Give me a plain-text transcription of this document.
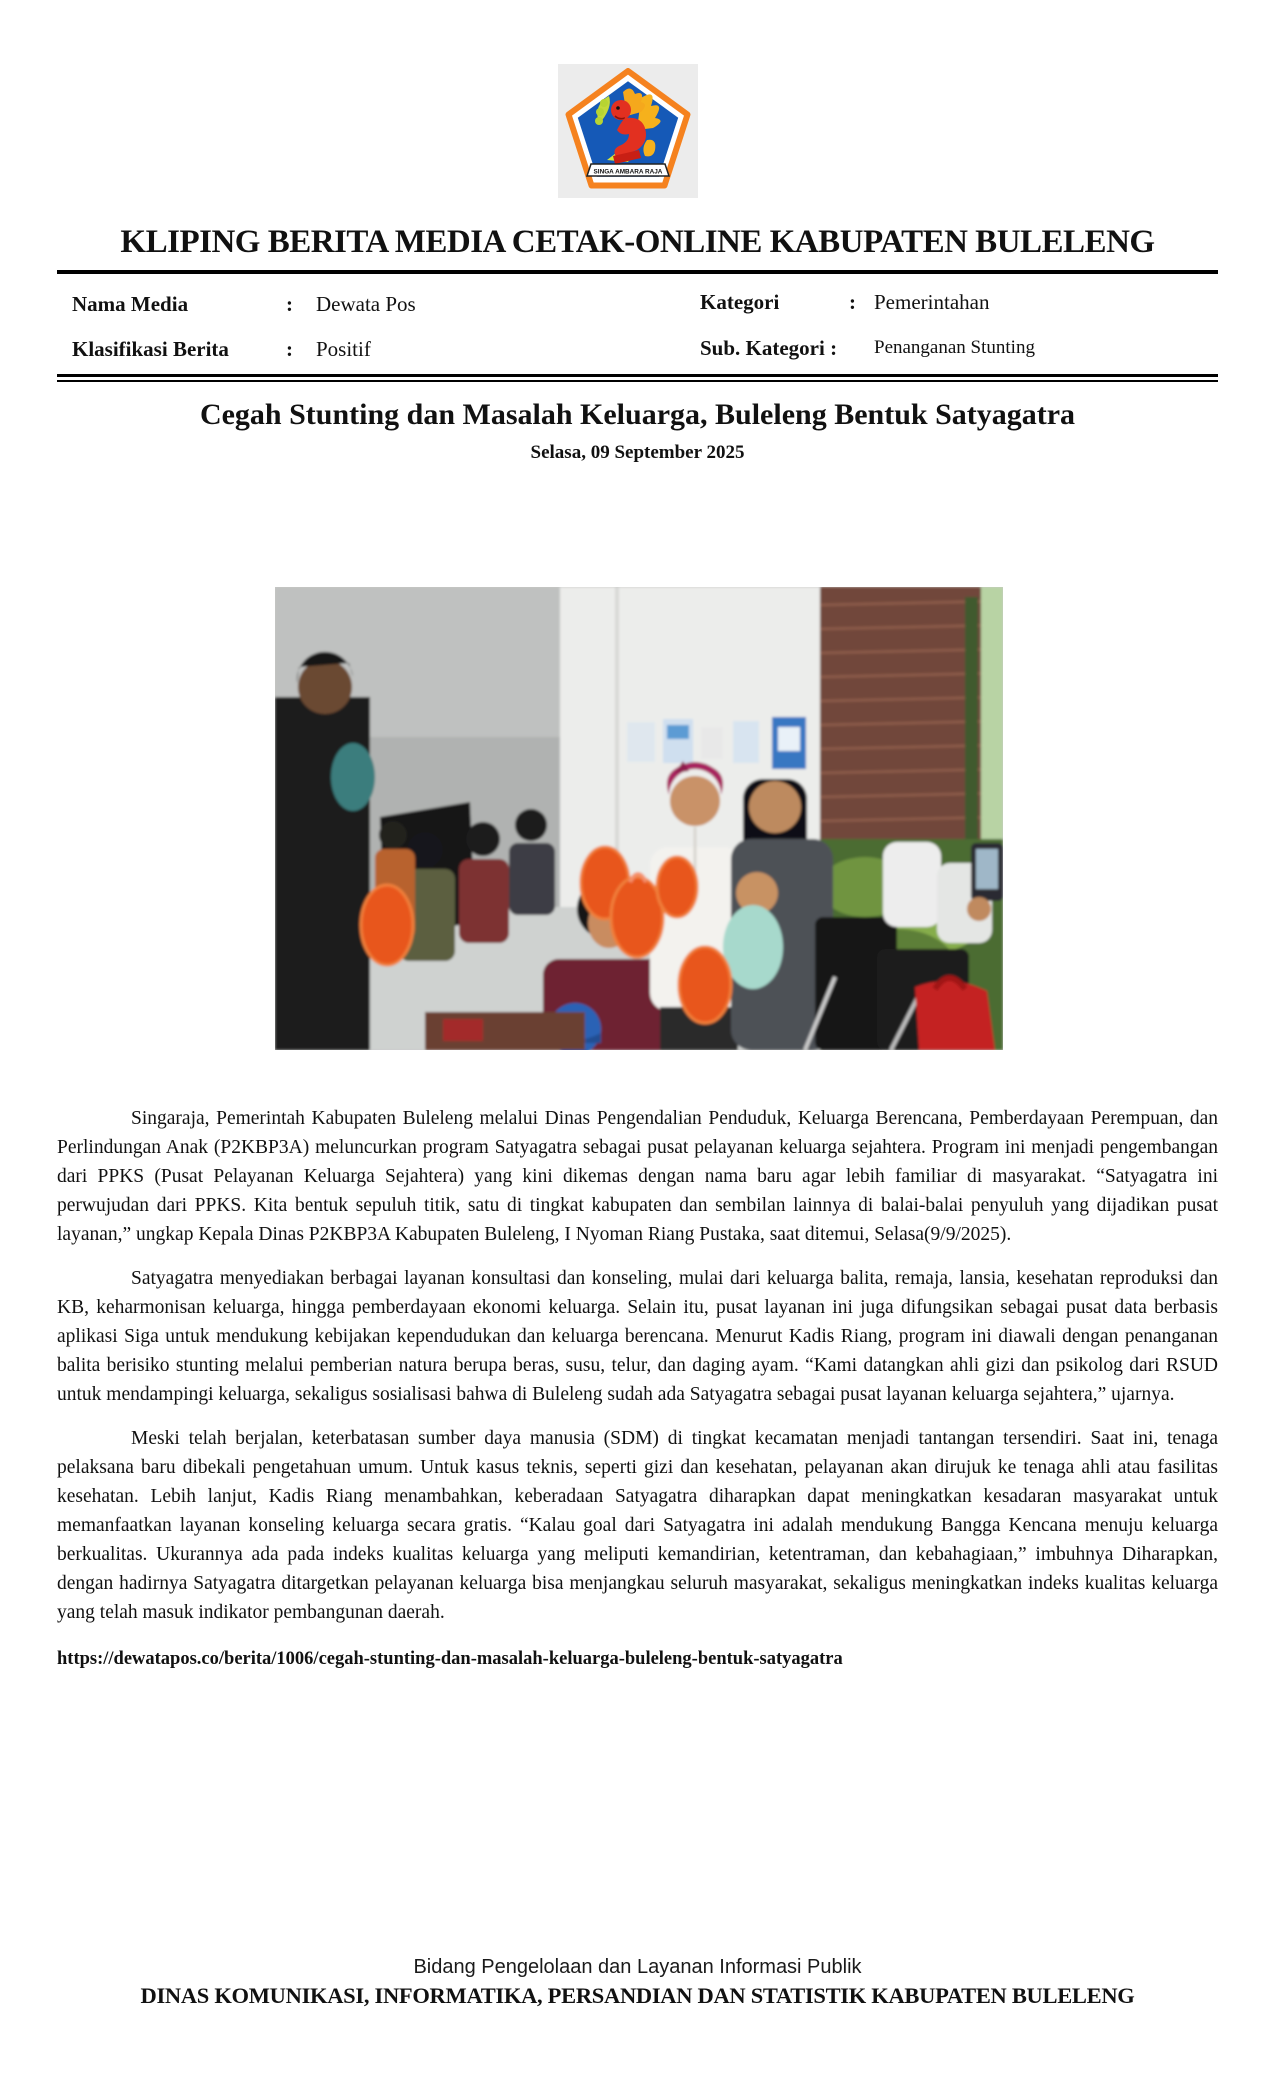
SINGA AMBARA RAJA
KLIPING BERITA MEDIA CETAK-ONLINE KABUPATEN BULELENG
Nama Media	: Dewata Pos	Kategori	: Pemerintahan
Klasifikasi Berita	: Positif	Sub. Kategori : Penanganan Stunting
Cegah Stunting dan Masalah Keluarga, Buleleng Bentuk Satyagatra
Selasa, 09 September 2025

Singaraja, Pemerintah Kabupaten Buleleng melalui Dinas Pengendalian Penduduk, Keluarga Berencana, Pemberdayaan Perempuan, dan Perlindungan Anak (P2KBP3A) meluncurkan program Satyagatra sebagai pusat pelayanan keluarga sejahtera. Program ini menjadi pengembangan dari PPKS (Pusat Pelayanan Keluarga Sejahtera) yang kini dikemas dengan nama baru agar lebih familiar di masyarakat. “Satyagatra ini perwujudan dari PPKS. Kita bentuk sepuluh titik, satu di tingkat kabupaten dan sembilan lainnya di balai-balai penyuluh yang dijadikan pusat layanan,” ungkap Kepala Dinas P2KBP3A Kabupaten Buleleng, I Nyoman Riang Pustaka, saat ditemui, Selasa(9/9/2025).

Satyagatra menyediakan berbagai layanan konsultasi dan konseling, mulai dari keluarga balita, remaja, lansia, kesehatan reproduksi dan KB, keharmonisan keluarga, hingga pemberdayaan ekonomi keluarga. Selain itu, pusat layanan ini juga difungsikan sebagai pusat data berbasis aplikasi Siga untuk mendukung kebijakan kependudukan dan keluarga berencana. Menurut Kadis Riang, program ini diawali dengan penanganan balita berisiko stunting melalui pemberian natura berupa beras, susu, telur, dan daging ayam. “Kami datangkan ahli gizi dan psikolog dari RSUD untuk mendampingi keluarga, sekaligus sosialisasi bahwa di Buleleng sudah ada Satyagatra sebagai pusat layanan keluarga sejahtera,” ujarnya.

Meski telah berjalan, keterbatasan sumber daya manusia (SDM) di tingkat kecamatan menjadi tantangan tersendiri. Saat ini, tenaga pelaksana baru dibekali pengetahuan umum. Untuk kasus teknis, seperti gizi dan kesehatan, pelayanan akan dirujuk ke tenaga ahli atau fasilitas kesehatan. Lebih lanjut, Kadis Riang menambahkan, keberadaan Satyagatra diharapkan dapat meningkatkan kesadaran masyarakat untuk memanfaatkan layanan konseling keluarga secara gratis. “Kalau goal dari Satyagatra ini adalah mendukung Bangga Kencana menuju keluarga berkualitas. Ukurannya ada pada indeks kualitas keluarga yang meliputi kemandirian, ketentraman, dan kebahagiaan,” imbuhnya Diharapkan, dengan hadirnya Satyagatra ditargetkan pelayanan keluarga bisa menjangkau seluruh masyarakat, sekaligus meningkatkan indeks kualitas keluarga yang telah masuk indikator pembangunan daerah.

https://dewatapos.co/berita/1006/cegah-stunting-dan-masalah-keluarga-buleleng-bentuk-satyagatra
Bidang Pengelolaan dan Layanan Informasi Publik
DINAS KOMUNIKASI, INFORMATIKA, PERSANDIAN DAN STATISTIK KABUPATEN BULELENG
